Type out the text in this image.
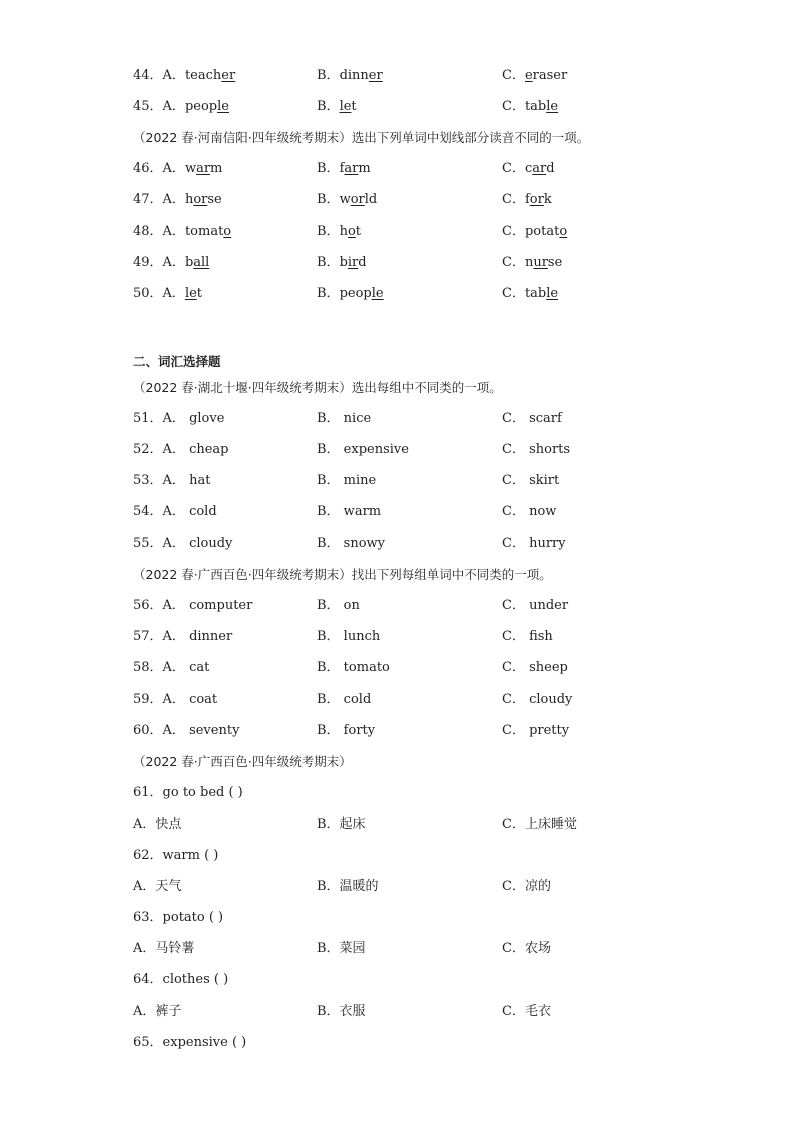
44．A．teacher	B．dinner	C．eraser
45．A．people	B．let	C．table
（2022 春·河南信阳·四年级统考期末）选出下列单词中划线部分读音不同的一项。
46．A．warm	B．farm	C．card
47．A．horse	B．world	C．fork
48．A．tomato	B．hot	C．potato
49．A．ball	B．bird	C．nurse
50．A．let	B．people	C．table
二、词汇选择题
（2022 春·湖北十堰·四年级统考期末）选出每组中不同类的一项。
51．A． glove	B． nice	C． scarf
52．A． cheap	B． expensive	C． shorts
53．A． hat	B． mine	C． skirt
54．A． cold	B． warm	C． now
55．A． cloudy	B． snowy	C． hurry
（2022 春·广西百色·四年级统考期末）找出下列每组单词中不同类的一项。
56．A． computer	B． on	C． under
57．A． dinner	B． lunch	C． fish
58．A． cat	B． tomato	C． sheep
59．A． coat	B． cold	C． cloudy
60．A． seventy	B． forty	C． pretty
（2022 春·广西百色·四年级统考期末）
61．go to bed ( )
A．快点	B．起床	C．上床睡觉
62．warm ( )
A．天气	B．温暖的	C．凉的
63．potato ( )
A．马铃薯	B．菜园	C．农场
64．clothes ( )
A．裤子	B．衣服	C．毛衣
65．expensive ( )
